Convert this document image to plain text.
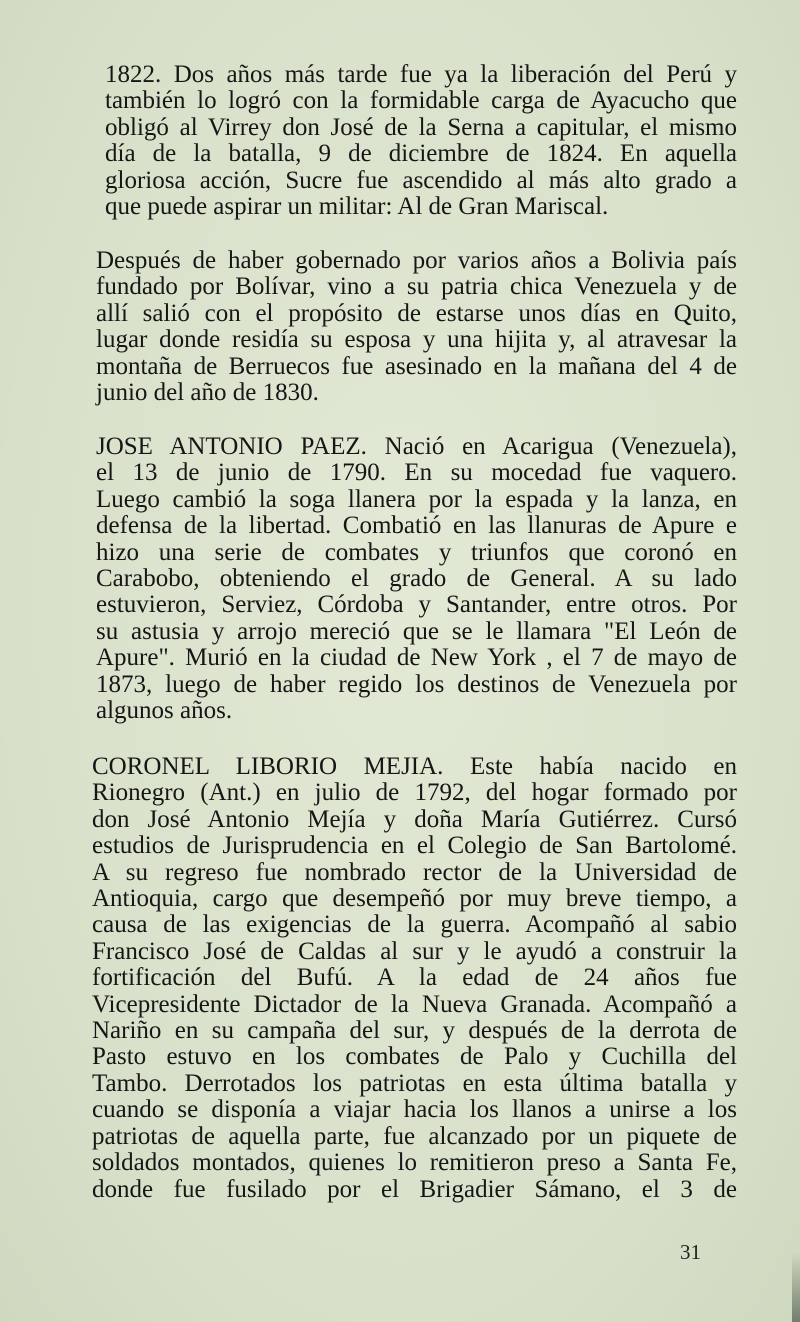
1822. Dos años más tarde fue ya la liberación del Perú y
también lo logró con la formidable carga de Ayacucho que
obligó al Virrey don José de la Serna a capitular, el mismo
día de la batalla, 9 de diciembre de 1824. En aquella
gloriosa acción, Sucre fue ascendido al más alto grado a
que puede aspirar un militar: Al de Gran Mariscal.
Después de haber gobernado por varios años a Bolivia país
fundado por Bolívar, vino a su patria chica Venezuela y de
allí salió con el propósito de estarse unos días en Quito,
lugar donde residía su esposa y una hijita y, al atravesar la
montaña de Berruecos fue asesinado en la mañana del 4 de
junio del año de 1830.
JOSE ANTONIO PAEZ. Nació en Acarigua (Venezuela),
el 13 de junio de 1790. En su mocedad fue vaquero.
Luego cambió la soga llanera por la espada y la lanza, en
defensa de la libertad. Combatió en las llanuras de Apure e
hizo una serie de combates y triunfos que coronó en
Carabobo, obteniendo el grado de General. A su lado
estuvieron, Serviez, Córdoba y Santander, entre otros. Por
su astusia y arrojo mereció que se le llamara "El León de
Apure". Murió en la ciudad de New York , el 7 de mayo de
1873, luego de haber regido los destinos de Venezuela por
algunos años.
CORONEL LIBORIO MEJIA. Este había nacido en
Rionegro (Ant.) en julio de 1792, del hogar formado por
don José Antonio Mejía y doña María Gutiérrez. Cursó
estudios de Jurisprudencia en el Colegio de San Bartolomé.
A su regreso fue nombrado rector de la Universidad de
Antioquia, cargo que desempeñó por muy breve tiempo, a
causa de las exigencias de la guerra. Acompañó al sabio
Francisco José de Caldas al sur y le ayudó a construir la
fortificación del Bufú. A la edad de 24 años fue
Vicepresidente Dictador de la Nueva Granada. Acompañó a
Nariño en su campaña del sur, y después de la derrota de
Pasto estuvo en los combates de Palo y Cuchilla del
Tambo. Derrotados los patriotas en esta última batalla y
cuando se disponía a viajar hacia los llanos a unirse a los
patriotas de aquella parte, fue alcanzado por un piquete de
soldados montados, quienes lo remitieron preso a Santa Fe,
donde fue fusilado por el Brigadier Sámano, el 3 de
31
